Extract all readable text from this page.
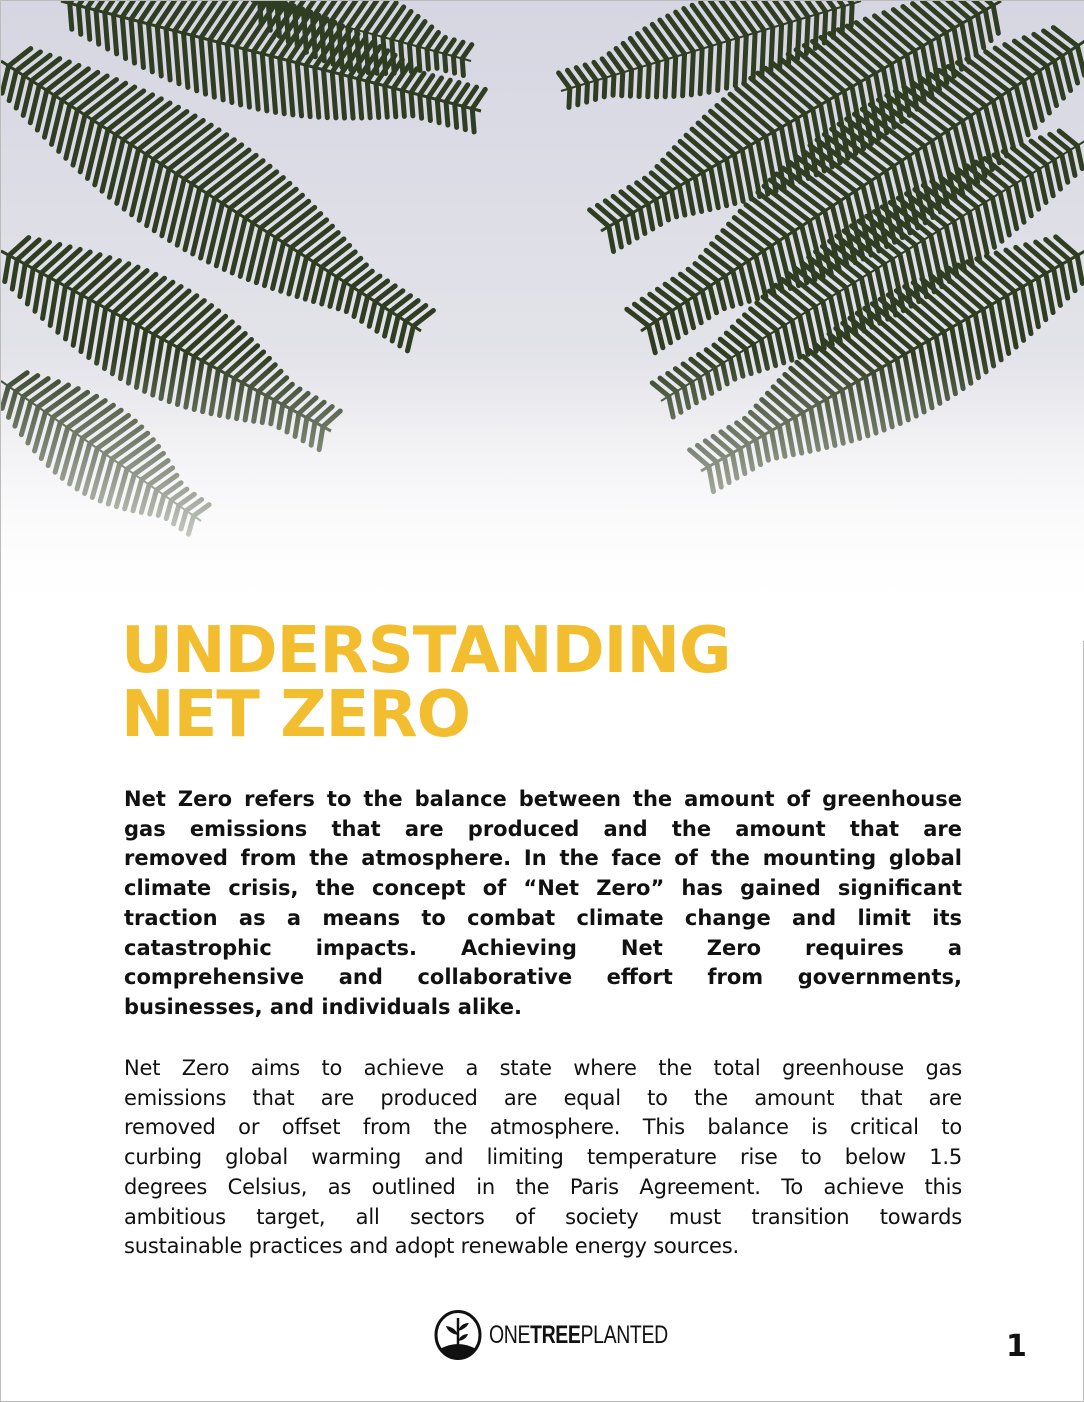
UNDERSTANDING
NET ZERO

Net Zero refers to the balance between the amount of greenhouse
gas emissions that are produced and the amount that are
removed from the atmosphere. In the face of the mounting global
climate crisis, the concept of “Net Zero” has gained significant
traction as a means to combat climate change and limit its
catastrophic impacts. Achieving Net Zero requires a
comprehensive and collaborative effort from governments,
businesses, and individuals alike.

Net Zero aims to achieve a state where the total greenhouse gas
emissions that are produced are equal to the amount that are
removed or offset from the atmosphere. This balance is critical to
curbing global warming and limiting temperature rise to below 1.5
degrees Celsius, as outlined in the Paris Agreement. To achieve this
ambitious target, all sectors of society must transition towards
sustainable practices and adopt renewable energy sources.

ONETREEPLANTED	1
